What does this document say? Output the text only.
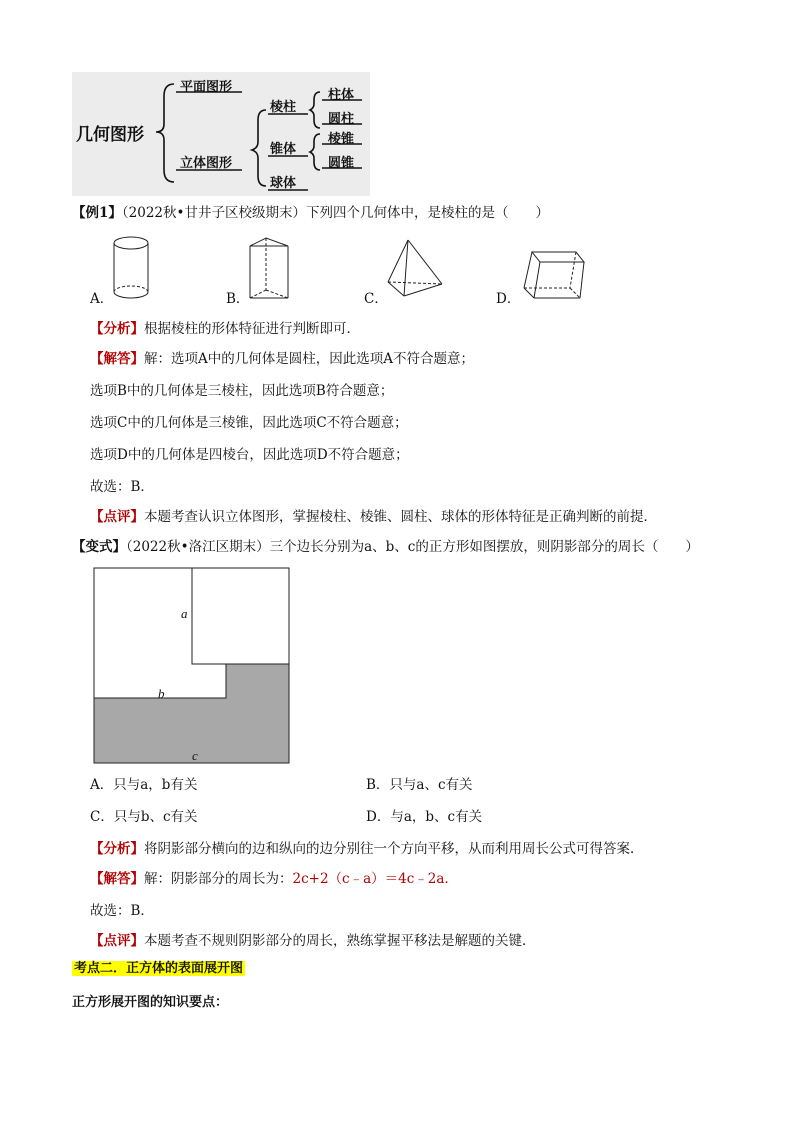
几何图形
平面图形
立体图形
棱柱
锥体
球体
柱体
圆柱
棱锥
圆锥
【例1】（2022秋•甘井子区校级期末）下列四个几何体中，是棱柱的是（　　）
A．	B．	C．	D．
【分析】根据棱柱的形体特征进行判断即可．
【解答】解：选项A中的几何体是圆柱，因此选项A不符合题意；
选项B中的几何体是三棱柱，因此选项B符合题意；
选项C中的几何体是三棱锥，因此选项C不符合题意；
选项D中的几何体是四棱台，因此选项D不符合题意；
故选：B．
【点评】本题考查认识立体图形，掌握棱柱、棱锥、圆柱、球体的形体特征是正确判断的前提．
【变式】（2022秋•洛江区期末）三个边长分别为a、b、c的正方形如图摆放，则阴影部分的周长（　　）
a
b
c
A．只与a，b有关	B．只与a、c有关
C．只与b、c有关	D．与a，b、c有关
【分析】将阴影部分横向的边和纵向的边分别往一个方向平移，从而利用周长公式可得答案．
【解答】解：阴影部分的周长为：2c+2（c﹣a）＝4c﹣2a．
故选：B．
【点评】本题考查不规则阴影部分的周长，熟练掌握平移法是解题的关键．
考点二．正方体的表面展开图
正方形展开图的知识要点：
